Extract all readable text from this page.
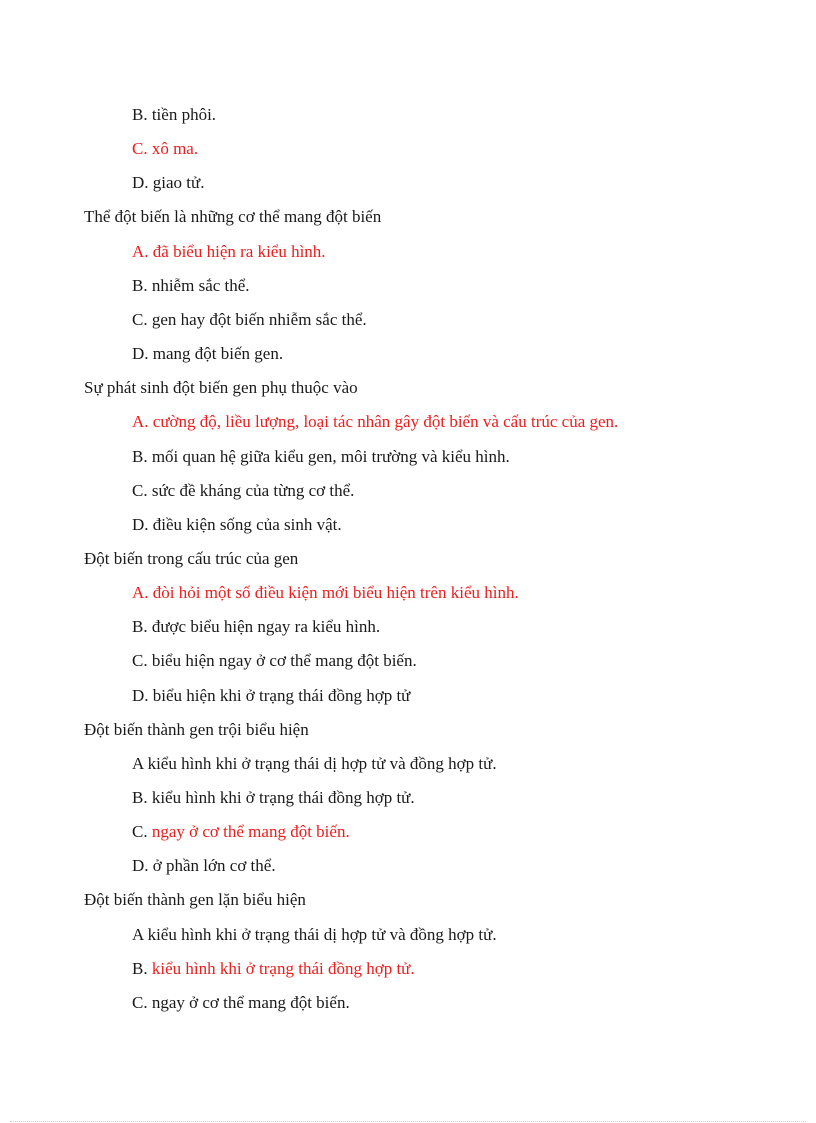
B. tiền phôi.
C. xô ma.
D. giao tử.
Thể đột biến là những cơ thể mang đột biến
A. đã biểu hiện ra kiểu hình.
B. nhiễm sắc thể.
C. gen hay đột biến nhiễm sắc thể.
D. mang đột biến gen.
Sự phát sinh đột biến gen phụ thuộc vào
A. cường độ, liều lượng, loại tác nhân gây đột biến và cấu trúc của gen.
B. mối quan hệ giữa kiểu gen, môi trường và kiểu hình.
C. sức đề kháng của từng cơ thể.
D. điều kiện sống của sinh vật.
Đột biến trong cấu trúc của gen
A. đòi hỏi một số điều kiện mới biểu hiện trên kiểu hình.
B. được biểu hiện ngay ra kiểu hình.
C. biểu hiện ngay ở cơ thể mang đột biến.
D. biểu hiện khi ở trạng thái đồng hợp tử
Đột biến thành gen trội biểu hiện
A kiểu hình khi ở trạng thái dị hợp tử và đồng hợp tử.
B. kiểu hình khi ở trạng thái đồng hợp tử.
C. ngay ở cơ thể mang đột biến.
D. ở phần lớn cơ thể.
Đột biến thành gen lặn biểu hiện
A kiểu hình khi ở trạng thái dị hợp tử và đồng hợp tử.
B. kiểu hình khi ở trạng thái đồng hợp tử.
C. ngay ở cơ thể mang đột biến.
